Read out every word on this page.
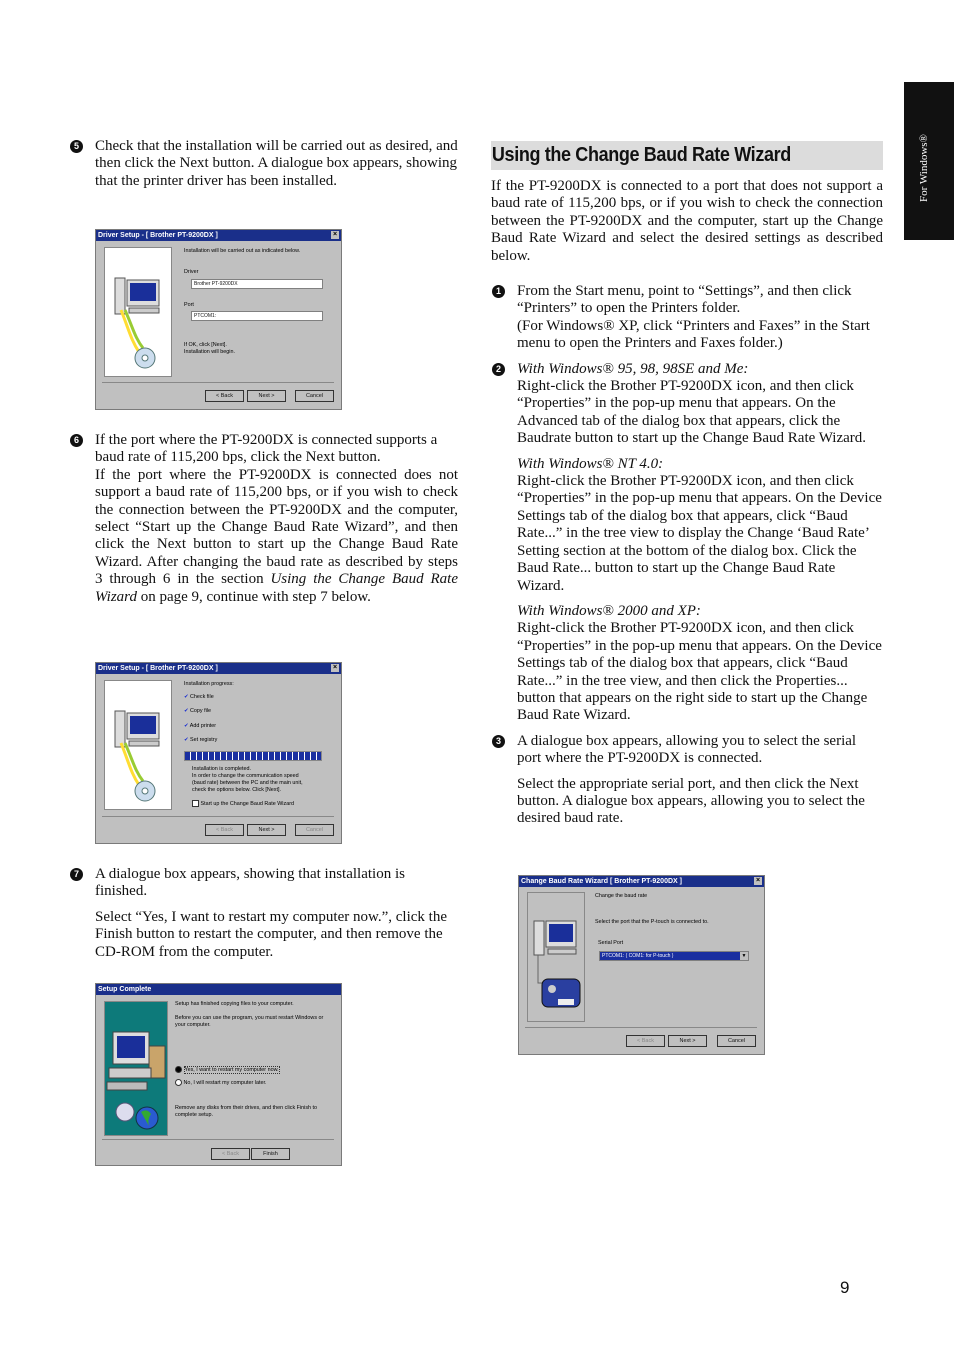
For Windows®
5 Check that the installation will be carried out as desired, and then click the Next button. A dialogue box appears, showing that the printer driver has been installed.

Driver Setup - [ Brother PT-9200DX ]	×
Installation will be carried out as indicated below.
Driver
Brother PT-9200DX
Port
PTCOM1:
If OK, click [Next].
Installation will begin.
< Back	Next >	Cancel
6 If the port where the PT-9200DX is connected supports a baud rate of 115,200 bps, click the Next button.

If the port where the PT-9200DX is connected does not support a baud rate of 115,200 bps, or if you wish to check the connection between the PT-9200DX and the computer, select “Start up the Change Baud Rate Wizard”, and then click the Next button to start up the Change Baud Rate Wizard. After changing the baud rate as described by steps 3 through 6 in the section Using the Change Baud Rate Wizard on page 9, continue with step 7 below.

Driver Setup - [ Brother PT-9200DX ]	×
Installation progress:
✔ Check file
✔ Copy file
✔ Add printer
✔ Set registry
Installation is completed.
In order to change the communication speed
(baud rate) between the PC and the main unit,
check the options below. Click [Next].
Start up the Change Baud Rate Wizard
< Back	Next >	Cancel
7 A dialogue box appears, showing that installation is finished.

Select “Yes, I want to restart my computer now.”, click the Finish button to restart the computer, and then remove the CD-ROM from the computer.

Setup Complete
Setup has finished copying files to your computer.
Before you can use the program, you must restart Windows or
your computer.
Yes, I want to restart my computer now.
No, I will restart my computer later.
Remove any disks from their drives, and then click Finish to
complete setup.
< Back	Finish
Using the Change Baud Rate Wizard
If the PT-9200DX is connected to a port that does not support a baud rate of 115,200 bps, or if you wish to check the connection between the PT-9200DX and the computer, start up the Change Baud Rate Wizard and select the desired settings as described below.
1 From the Start menu, point to “Settings”, and then click “Printers” to open the Printers folder.

(For Windows® XP, click “Printers and Faxes” in the Start menu to open the Printers and Faxes folder.)

2 With Windows® 95, 98, 98SE and Me:

Right-click the Brother PT-9200DX icon, and then click “Properties” in the pop-up menu that appears. On the Advanced tab of the dialog box that appears, click the Baudrate button to start up the Change Baud Rate Wizard.

With Windows® NT 4.0:

Right-click the Brother PT-9200DX icon, and then click “Properties” in the pop-up menu that appears. On the Device Settings tab of the dialog box that appears, click “Baud Rate...” in the tree view to display the Change ‘Baud Rate’ Setting section at the bottom of the dialog box. Click the Baud Rate... button to start up the Change Baud Rate Wizard.

With Windows® 2000 and XP:

Right-click the Brother PT-9200DX icon, and then click “Properties” in the pop-up menu that appears. On the Device Settings tab of the dialog box that appears, click “Baud Rate...” in the tree view, and then click the Properties... button that appears on the right side to start up the Change Baud Rate Wizard.

3 A dialogue box appears, allowing you to select the serial port where the PT-9200DX is connected.

Select the appropriate serial port, and then click the Next button. A dialogue box appears, allowing you to select the desired baud rate.

Change Baud Rate Wizard [ Brother PT-9200DX ]	×
Change the baud rate
Select the port that the P-touch is connected to.
Serial Port
PTCOM1: ( COM1: for P-touch )	▼
< Back	Next >	Cancel
9
